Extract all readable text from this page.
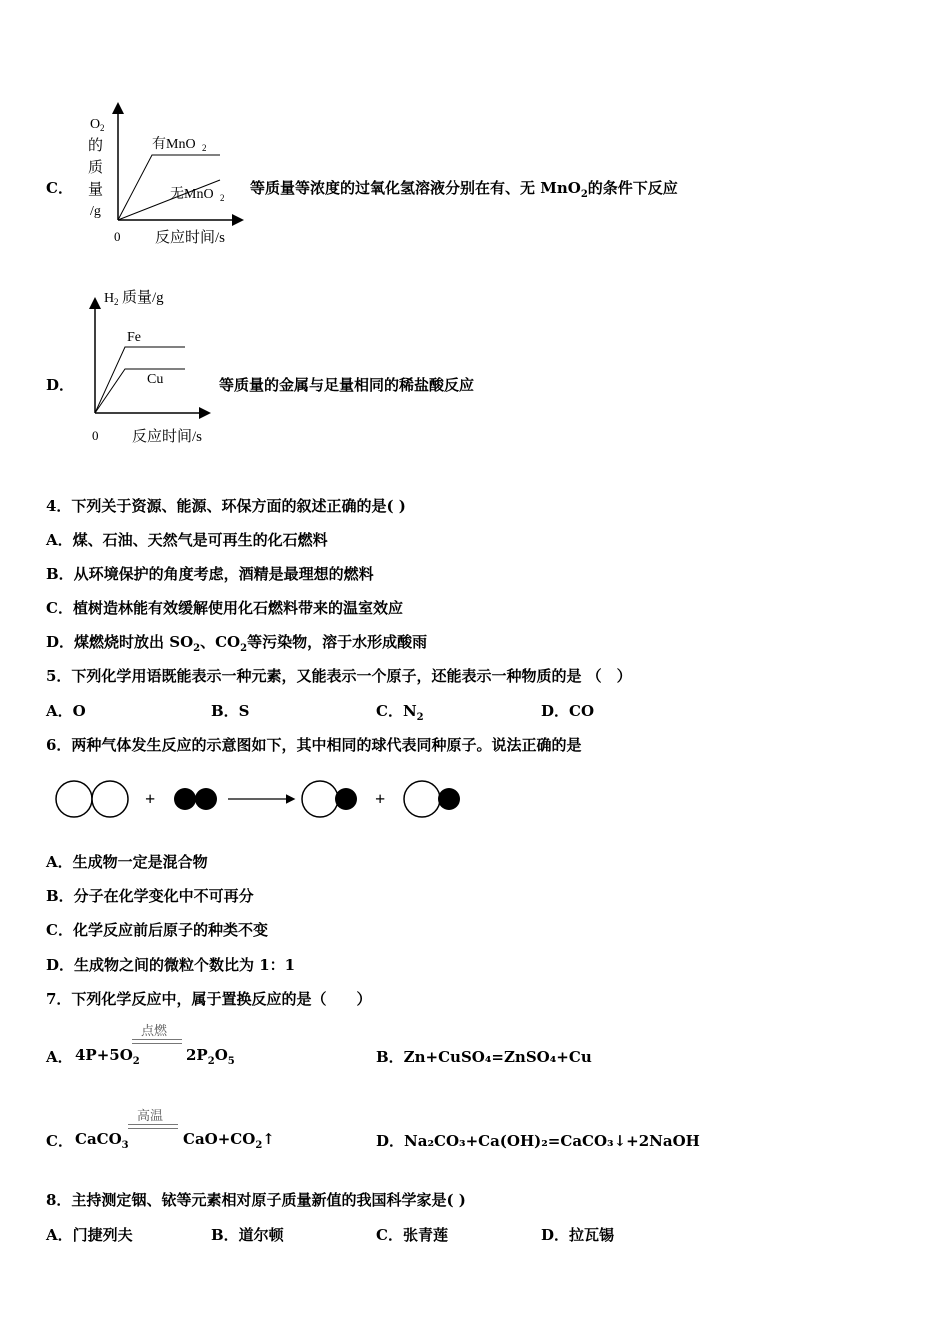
C．
O 2
的
质
量
/g
0 反应时间/s
有MnO 2
无MnO 2
等质量等浓度的过氧化氢溶液分别在有、无 MnO$_2$的条件下反应
D．
H 2 质量/g
Fe
Cu
0 反应时间/s
等质量的金属与足量相同的稀盐酸反应
4．下列关于资源、能源、环保方面的叙述正确的是( )
A．煤、石油、天然气是可再生的化石燃料
B．从环境保护的角度考虑，酒精是最理想的燃料
C．植树造林能有效缓解使用化石燃料带来的温室效应
D．煤燃烧时放出 $SO_2$、$CO_2$等污染物，溶于水形成酸雨
5．下列化学用语既能表示一种元素，又能表示一个原子，还能表示一种物质的是 （　）
A．O	B．S	C．$N_2$	D．CO
6．两种气体发生反应的示意图如下，其中相同的球代表同种原子。说法正确的是
+	+
A．生成物一定是混合物
B．分子在化学变化中不可再分
C．化学反应前后原子的种类不变
D．生成物之间的微粒个数比为 1：1
7．下列化学反应中，属于置换反应的是（　　）
A． $4P+5O_2$
点燃
$2P_2O_5$	B．Zn+CuSO₄=ZnSO₄+Cu
C． CaCO$_3$
高温
$CaO+CO_2↑$	D．Na₂CO₃+Ca(OH)₂=CaCO₃↓+2NaOH
8．主持测定铟、铱等元素相对原子质量新值的我国科学家是( )
A．门捷列夫	B．道尔顿	C．张青莲	D．拉瓦锡
